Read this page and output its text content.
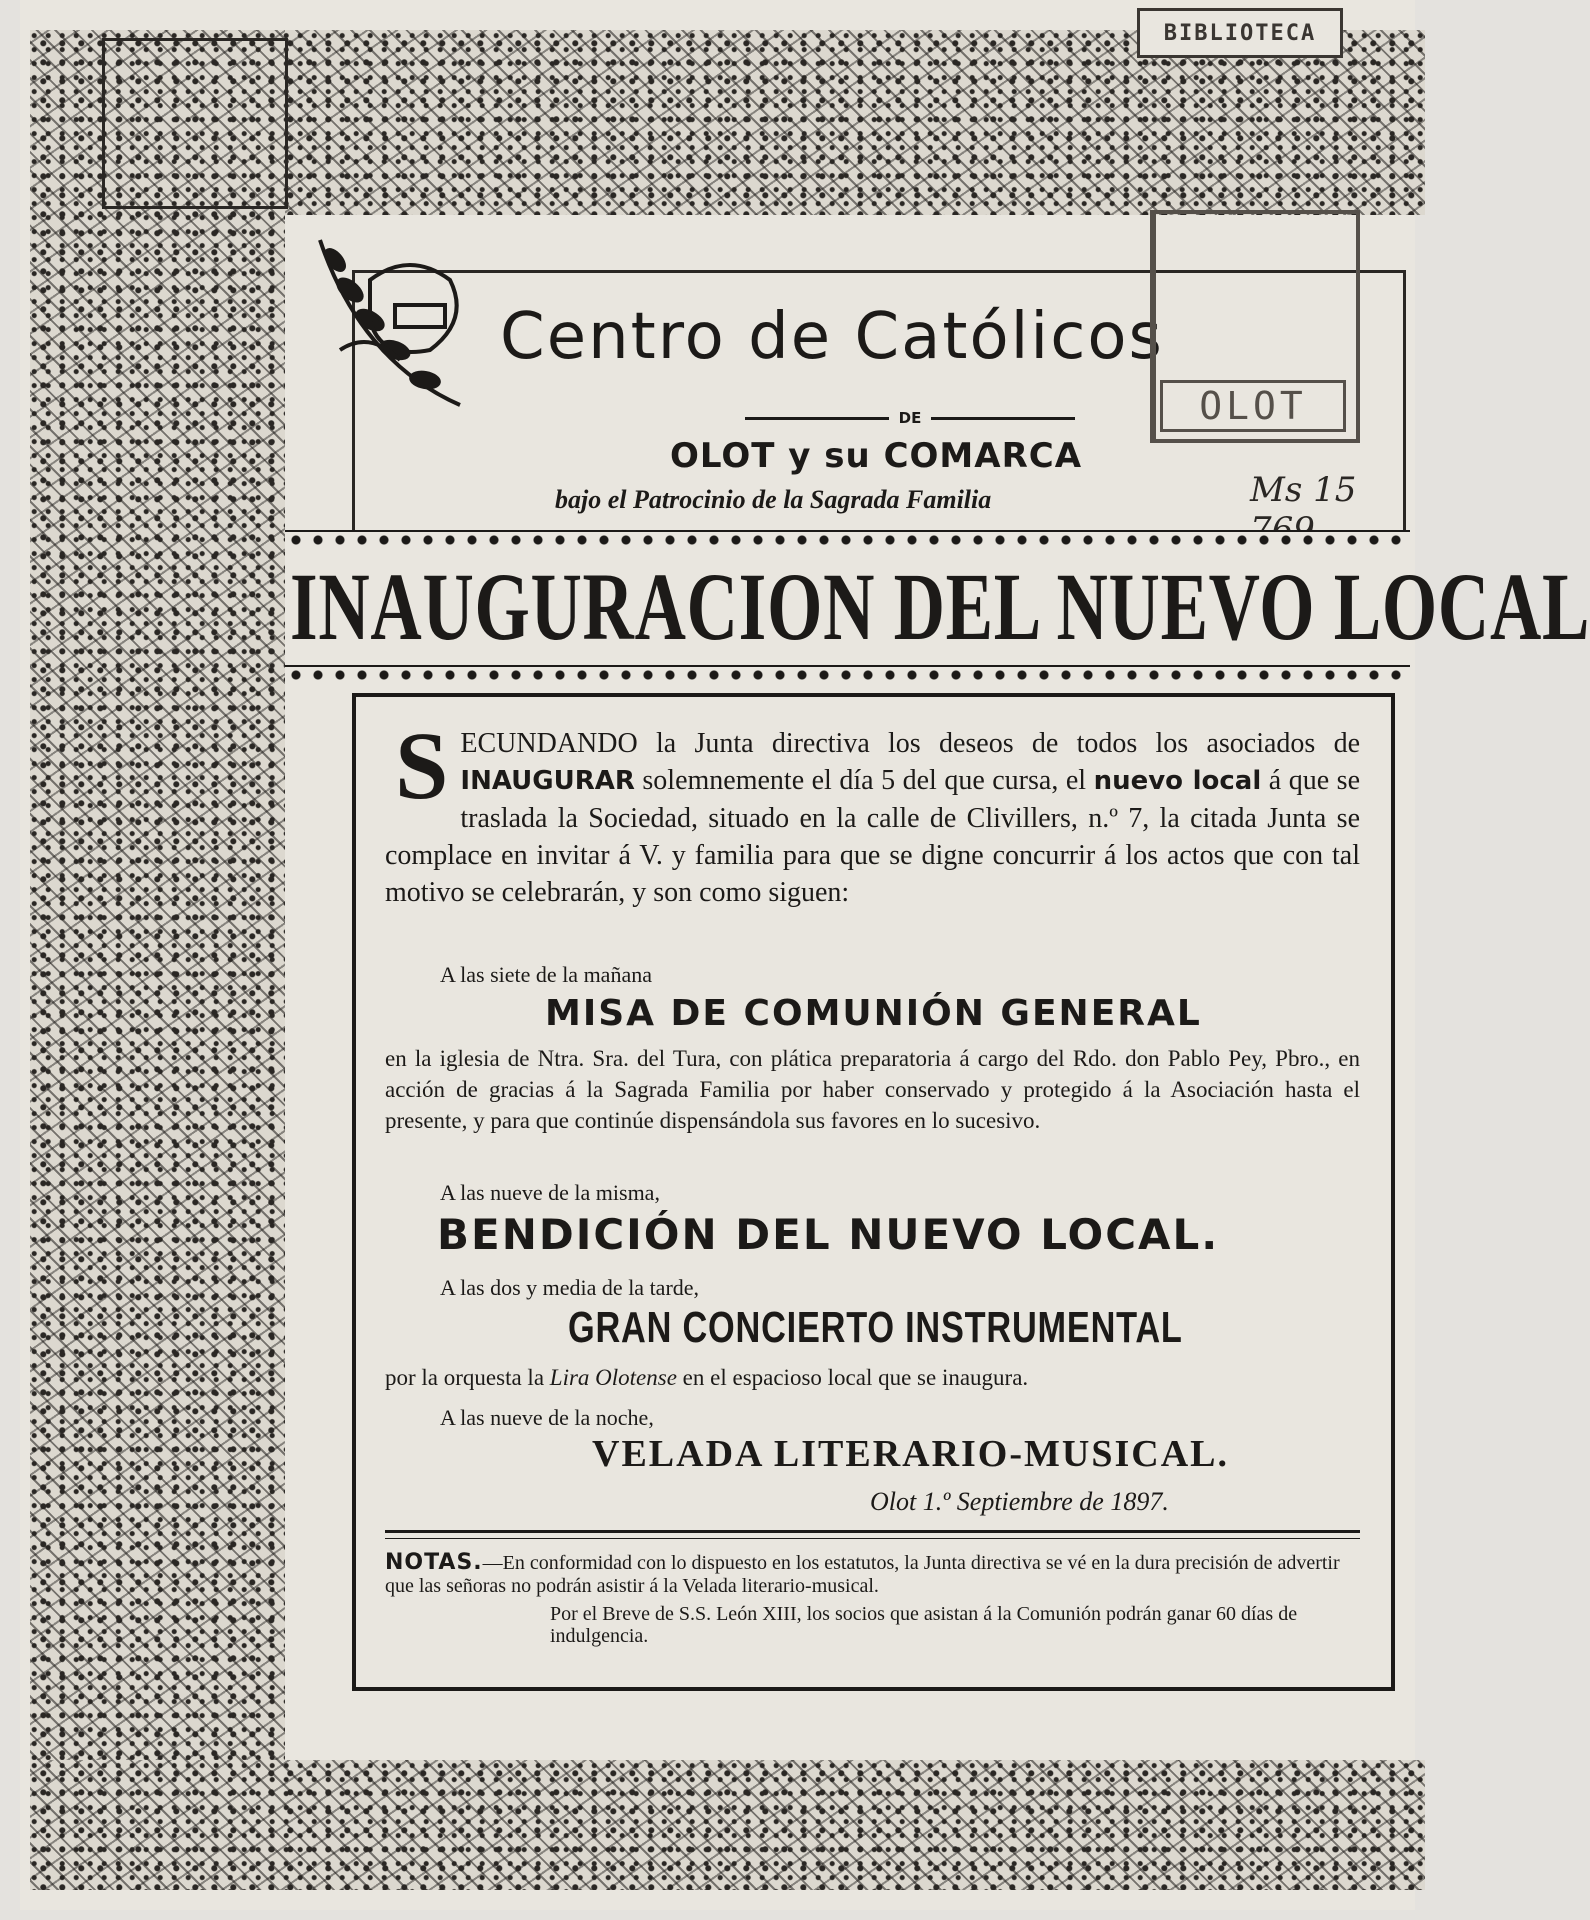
BIBLIOTECA
Centro de Católicos
DE
OLOT y su COMARCA
bajo el Patrocinio de la Sagrada Familia	Ms 15
OLOT
INAUGURACION DEL NUEVO LOCAL
SECUNDANDO la Junta directiva los deseos de todos los asociados de INAUGURAR solemnemente el día 5 del que cursa, el nuevo local á que se traslada la Sociedad, situado en la calle de Clivillers, n.º 7, la citada Junta se complace en invitar á V. y familia para que se digne concurrir á los actos que con tal motivo se celebrarán, y son como siguen:
A las siete de la mañana
MISA DE COMUNIÓN GENERAL
en la iglesia de Ntra. Sra. del Tura, con plática preparatoria á cargo del Rdo. don Pablo Pey, Pbro., en acción de gracias á la Sagrada Familia por haber conservado y protegido á la Asociación hasta el presente, y para que continúe dispensándola sus favores en lo sucesivo.
A las nueve de la misma,
BENDICIÓN DEL NUEVO LOCAL.
A las dos y media de la tarde,
GRAN CONCIERTO INSTRUMENTAL
por la orquesta la Lira Olotense en el espacioso local que se inaugura.
A las nueve de la noche,
VELADA LITERARIO-MUSICAL.
Olot 1.º Septiembre de 1897.

NOTAS.—En conformidad con lo dispuesto en los estatutos, la Junta directiva se vé en la dura precisión de advertir que las señoras no podrán asistir á la Velada literario-musical.

Por el Breve de S.S. León XIII, los socios que asistan á la Comunión podrán ganar 60 días de indulgencia.
